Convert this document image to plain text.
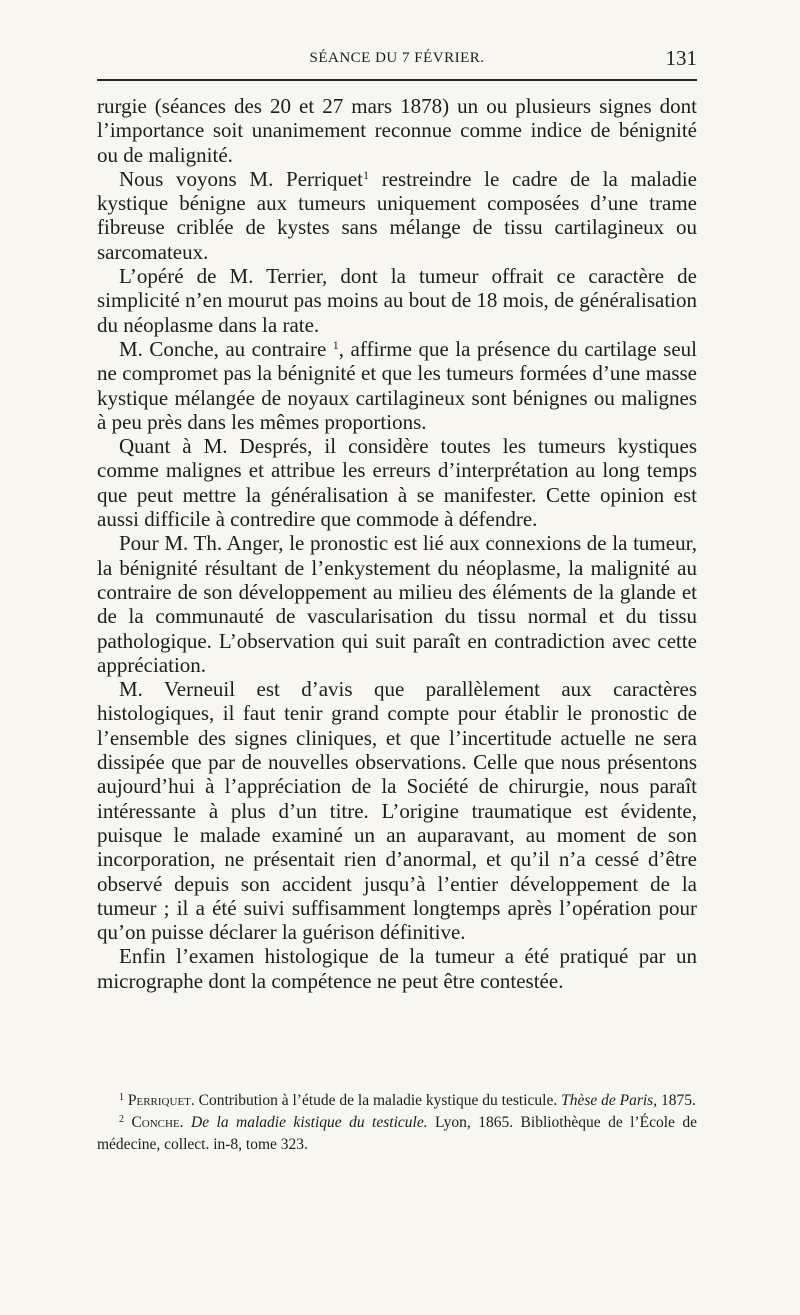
SÉANCE DU 7 FÉVRIER.	131

rurgie (séances des 20 et 27 mars 1878) un ou plusieurs signes dont l’importance soit unanimement reconnue comme indice de bénignité ou de malignité.

Nous voyons M. Perriquet$^1$ restreindre le cadre de la maladie kystique bénigne aux tumeurs uniquement composées d’une trame fibreuse criblée de kystes sans mélange de tissu cartilagineux ou sarcomateux.

L’opéré de M. Terrier, dont la tumeur offrait ce caractère de simplicité n’en mourut pas moins au bout de 18 mois, de généralisation du néoplasme dans la rate.

M. Conche, au contraire $^1$, affirme que la présence du cartilage seul ne compromet pas la bénignité et que les tumeurs formées d’une masse kystique mélangée de noyaux cartilagineux sont bénignes ou malignes à peu près dans les mêmes proportions.

Quant à M. Després, il considère toutes les tumeurs kystiques comme malignes et attribue les erreurs d’interprétation au long temps que peut mettre la généralisation à se manifester. Cette opinion est aussi difficile à contredire que commode à défendre.

Pour M. Th. Anger, le pronostic est lié aux connexions de la tumeur, la bénignité résultant de l’enkystement du néoplasme, la malignité au contraire de son développement au milieu des éléments de la glande et de la communauté de vascularisation du tissu normal et du tissu pathologique. L’observation qui suit paraît en contradiction avec cette appréciation.

M. Verneuil est d’avis que parallèlement aux caractères histologiques, il faut tenir grand compte pour établir le pronostic de l’ensemble des signes cliniques, et que l’incertitude actuelle ne sera dissipée que par de nouvelles observations. Celle que nous présentons aujourd’hui à l’appréciation de la Société de chirurgie, nous paraît intéressante à plus d’un titre. L’origine traumatique est évidente, puisque le malade examiné un an auparavant, au moment de son incorporation, ne présentait rien d’anormal, et qu’il n’a cessé d’être observé depuis son accident jusqu’à l’entier développement de la tumeur ; il a été suivi suffisamment longtemps après l’opération pour qu’on puisse déclarer la guérison définitive.

Enfin l’examen histologique de la tumeur a été pratiqué par un micrographe dont la compétence ne peut être contestée.

$^1$ Perriquet. Contribution à l’étude de la maladie kystique du testicule. Thèse de Paris, 1875.

$^2$ Conche. De la maladie kistique du testicule. Lyon, 1865. Bibliothèque de l’École de médecine, collect. in-8, tome 323.
